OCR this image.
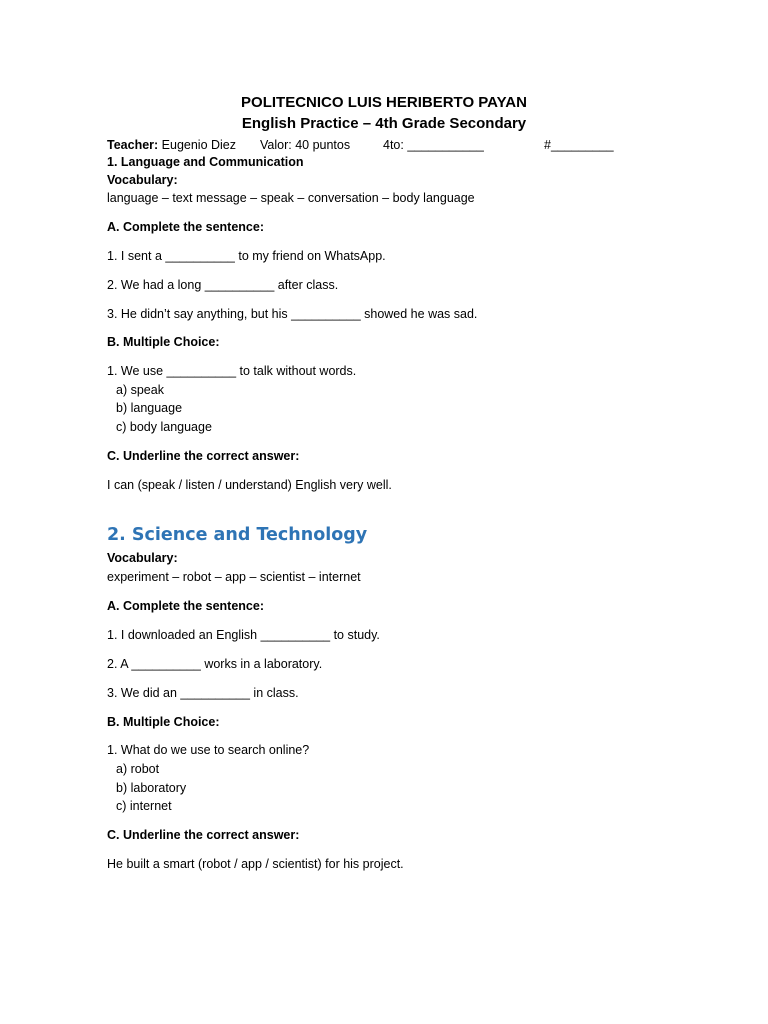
POLITECNICO LUIS HERIBERTO PAYAN
English Practice – 4th Grade Secondary
Teacher: Eugenio Diez Valor: 40 puntos	4to: ___________	#_________
1. Language and Communication
Vocabulary:
language – text message – speak – conversation – body language
A. Complete the sentence:
1. I sent a __________ to my friend on WhatsApp.
2. We had a long __________ after class.
3. He didn’t say anything, but his __________ showed he was sad.
B. Multiple Choice:
1. We use __________ to talk without words.
a) speak
b) language
c) body language
C. Underline the correct answer:
I can (speak / listen / understand) English very well.
2. Science and Technology
Vocabulary:
experiment – robot – app – scientist – internet
A. Complete the sentence:
1. I downloaded an English __________ to study.
2. A __________ works in a laboratory.
3. We did an __________ in class.
B. Multiple Choice:
1. What do we use to search online?
a) robot
b) laboratory
c) internet
C. Underline the correct answer:
He built a smart (robot / app / scientist) for his project.
